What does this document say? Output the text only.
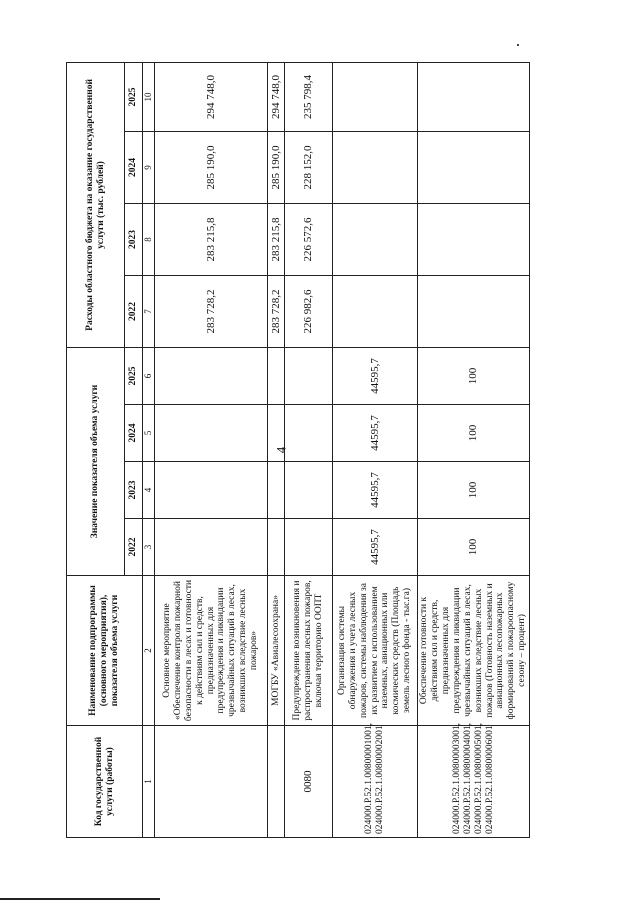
4
Код государственной услуги (работы)	Наименование подпрограммы (основного мероприятия), показателя объема услуги	Значение показателя объема услуги				Расходы областного бюджета на оказание государственной услуги (тыс. рублей)			
		2022	2023	2024	2025	2022	2023	2024	2025
1	2	3	4	5	6	7	8	9	10
	Основное мероприятие «Обеспечение контроля пожарной безопасности в лесах и готовности к действиям сил и средств, предназначенных для предупреждения и ликвидации чрезвычайных ситуаций в лесах, возникших вследствие лесных пожаров»					283 728,2	283 215,8	285 190,0	294 748,0
	МОГБУ «Авиалесоохрана»					283 728,2	283 215,8	285 190,0	294 748,0
0080	Предупреждение возникновения и распространения лесных пожаров, включая территорию ООПТ					226 982,6	226 572,6	228 152,0	235 798,4
024000.Р.52.1.00800001001, 024000.Р.52.1.00800002001	Организация системы обнаружения и учета лесных пожаров, системы наблюдения за их развитием с использованием наземных, авиационных или космических средств (Площадь земель лесного фонда - тыс.га)	44595,7	44595,7	44595,7	44595,7				
024000.Р.52.1.00800003001, 024000.Р.52.1.00800004001, 024000.Р.52.1.00800005001, 024000.Р.52.1.00800006001	Обеспечение готовности к действиям сил и средств, предназначенных для предупреждения и ликвидации чрезвычайных ситуаций в лесах, возникших вследствие лесных пожаров (Готовность наземных и авиационных лесопожарных формирований к пожароопасному сезону – процент)	100	100	100	100				
